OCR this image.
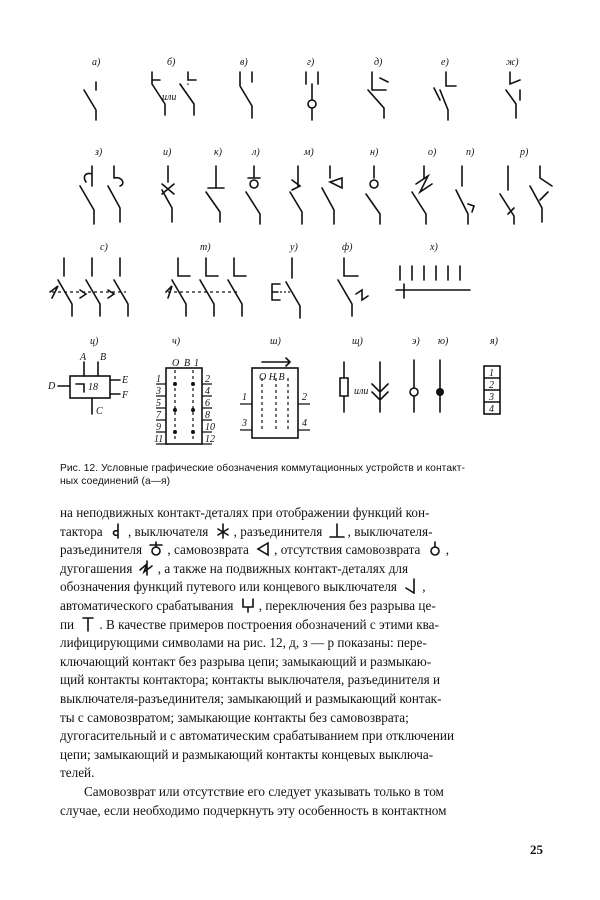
а)	б)	в)	г)	д)	е)	ж)
или
з)	и)	к)	л)	м)	н)	о)	п)	р)
с)	т)	у)	ф)	х)
ц)	ч)	ш)	щ)	э) ю)	я)
A B
D
E
F
C
18
O B 1
1
3
5
7
9
11
2
4
6
8
10
12
O H B
1
3
2
4
или
1
2
3
4
Рис. 12. Условные графические обозначения коммутационных устройств и контакт-
ных соединений (а—я)

на неподвижных контакт-деталях при отображении функций кон-

тактора , выключателя , разъединителя , выключателя-

разъединителя , самовозврата , отсутствия самовозврата ,

дугогашения , а также на подвижных контакт-деталях для

обозначения функций путевого или концевого выключателя ,

автоматического срабатывания , переключения без разрыва це-

пи . В качестве примеров построения обозначений с этими ква-

лифицирующими символами на рис. 12, д, з — р показаны: пере-

ключающий контакт без разрыва цепи; замыкающий и размыкаю-

щий контакты контактора; контакты выключателя, разъединителя и

выключателя-разъединителя; замыкающий и размыкающий контак-

ты с самовозвратом; замыкающие контакты без самовозврата;

дугогасительный и с автоматическим срабатыванием при отключении

цепи; замыкающий и размыкающий контакты концевых выключа-

телей.

Самовозврат или отсутствие его следует указывать только в том

случае, если необходимо подчеркнуть эту особенность в контактном

25
